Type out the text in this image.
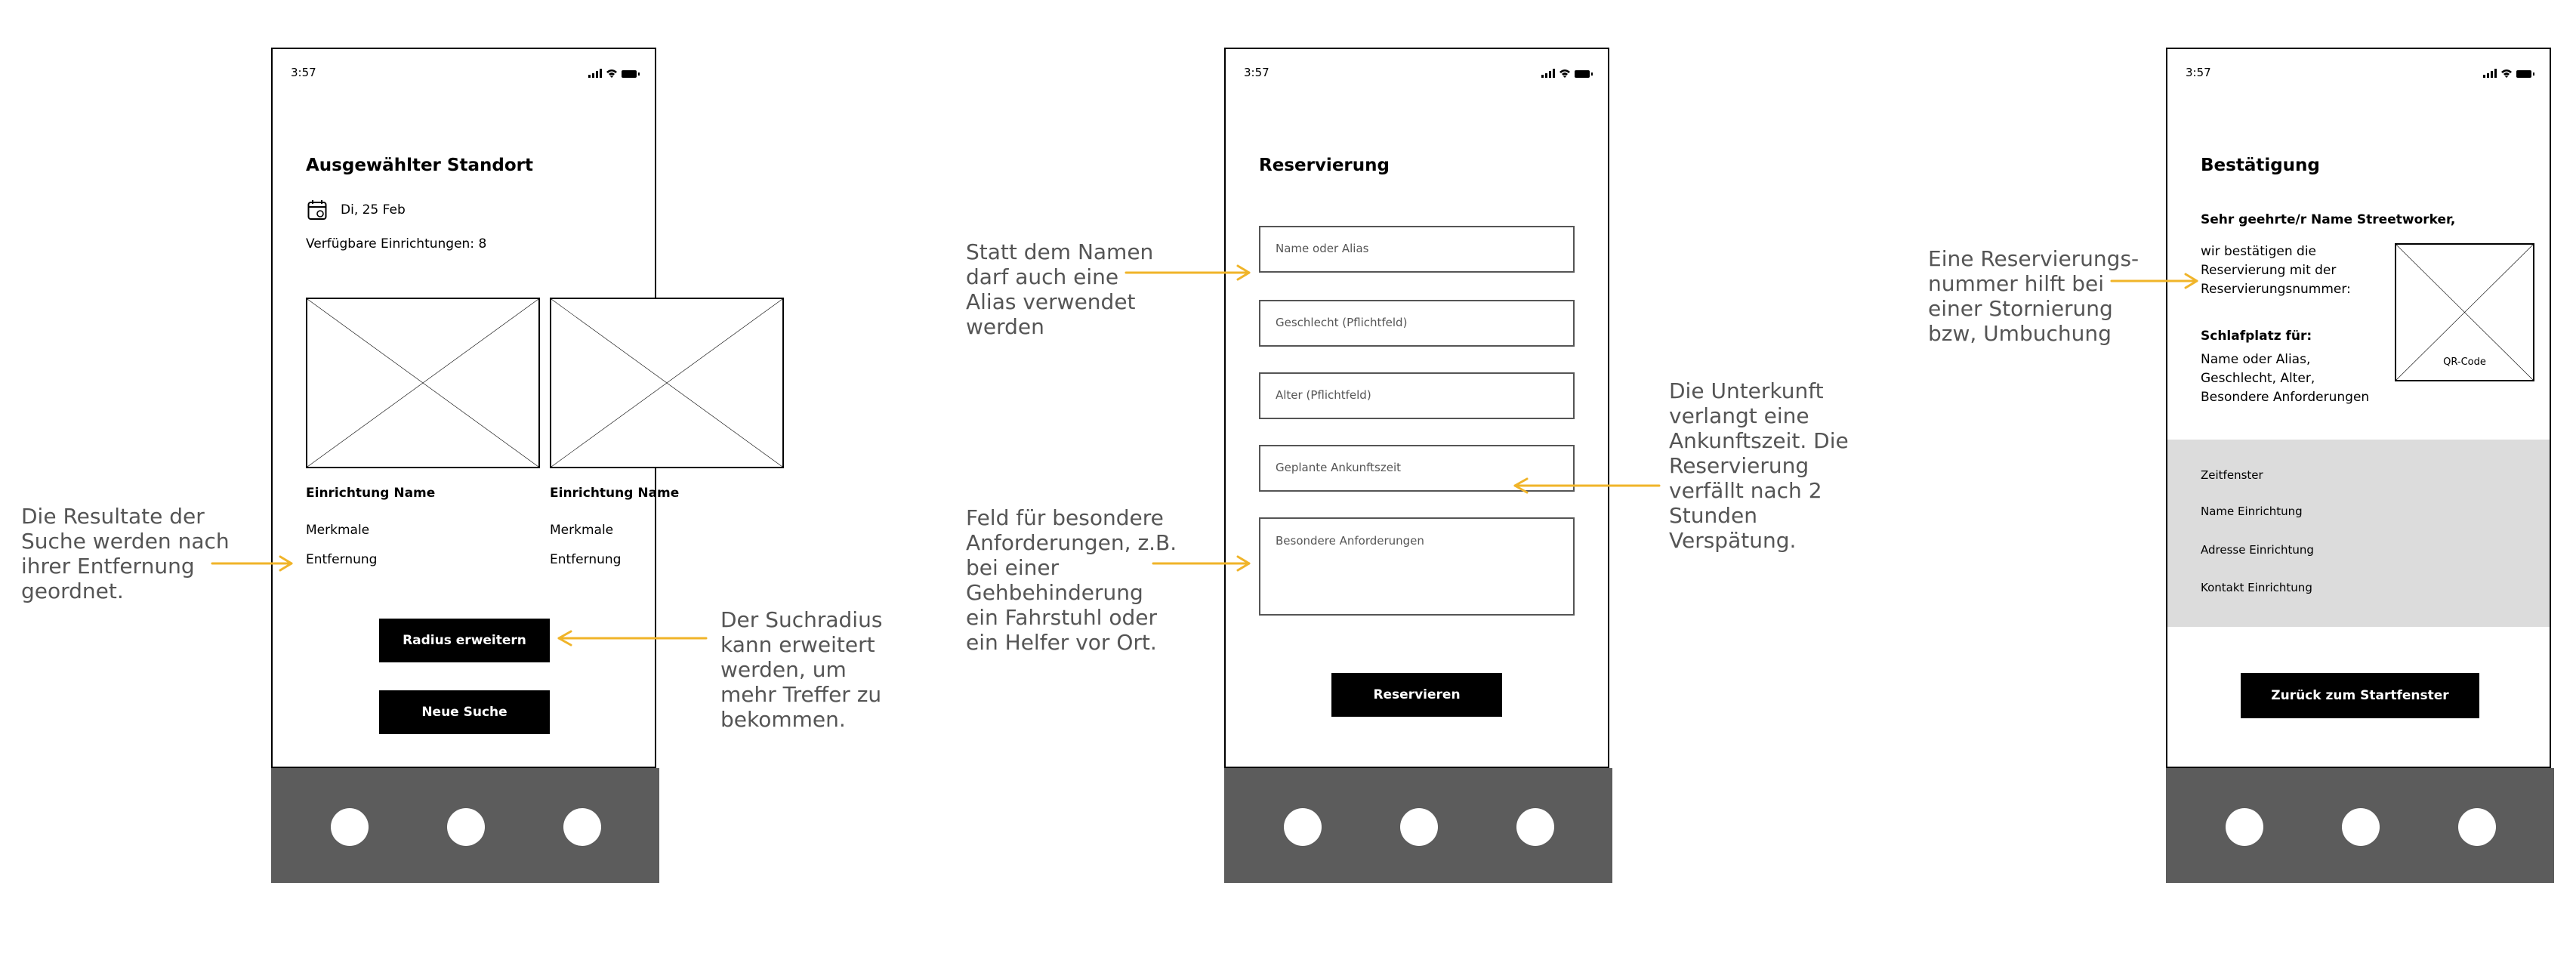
3:57
Ausgewählter Standort
Di, 25 Feb
Verfügbare Einrichtungen: 8
Einrichtung Name
Merkmale
Entfernung
Einrichtung Name
Merkmale
Entfernung
Radius erweitern
Neue Suche
3:57
Reservierung
Name oder Alias
Geschlecht (Pflichtfeld)
Alter (Pflichtfeld)
Geplante Ankunftszeit
Besondere Anforderungen
Reservieren
3:57
Bestätigung
Sehr geehrte/r Name Streetworker,
wir bestätigen die
Reservierung mit der
Reservierungsnummer:
Schlafplatz für:
Name oder Alias,
Geschlecht, Alter,
Besondere Anforderungen
QR-Code
Zeitfenster
Name Einrichtung
Adresse Einrichtung
Kontakt Einrichtung
Zurück zum Startfenster
Die Resultate der
Suche werden nach
ihrer Entfernung
geordnet.
Der Suchradius
kann erweitert
werden, um
mehr Treffer zu
bekommen.
Statt dem Namen
darf auch eine
Alias verwendet
werden
Feld für besondere
Anforderungen, z.B.
bei einer
Gehbehinderung
ein Fahrstuhl oder
ein Helfer vor Ort.
Die Unterkunft
verlangt eine
Ankunftszeit. Die
Reservierung
verfällt nach 2
Stunden
Verspätung.
Eine Reservierungs-
nummer hilft bei
einer Stornierung
bzw, Umbuchung
